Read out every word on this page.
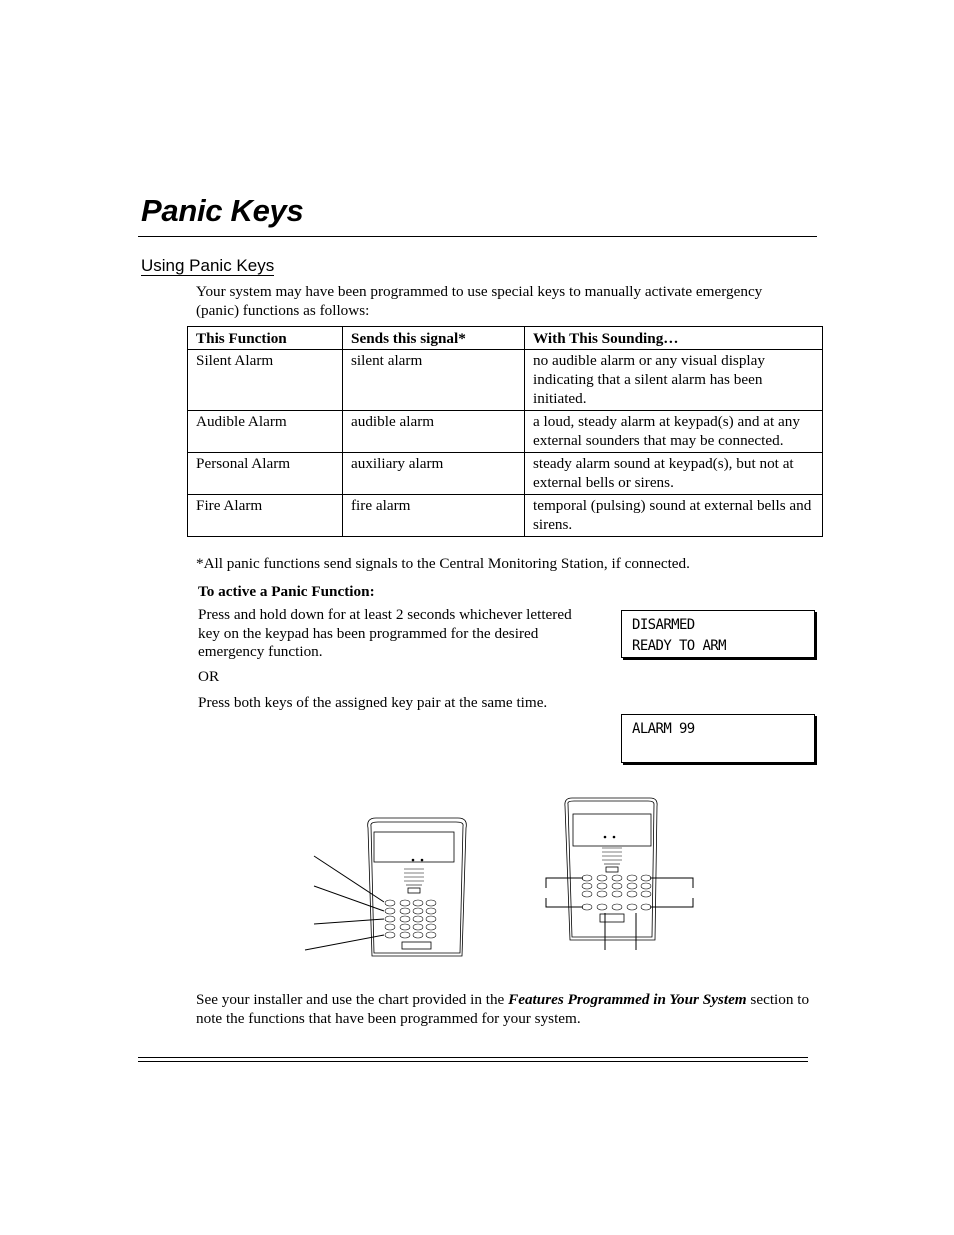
Panic Keys
Using Panic Keys

Your system may have been programmed to use special keys to manually activate emergency (panic) functions as follows:

This Function	Sends this signal*	With This Sounding…
Silent Alarm	silent alarm	no audible alarm or any visual display indicating that a silent alarm has been initiated.
Audible Alarm	audible alarm	a loud, steady alarm at keypad(s) and at any external sounders that may be connected.
Personal Alarm	auxiliary alarm	steady alarm sound at keypad(s), but not at external bells or sirens.
Fire Alarm	fire alarm	temporal (pulsing) sound at external bells and sirens.

*All panic functions send signals to the Central Monitoring Station, if connected.

To active a Panic Function:

Press and hold down for at least 2 seconds whichever lettered key on the keypad has been programmed for the desired emergency function.

OR

Press both keys of the assigned key pair at the same time.

DISARMED
READY TO ARM
ALARM 99

See your installer and use the chart provided in the Features Programmed in Your System section to note the functions that have been programmed for your system.
